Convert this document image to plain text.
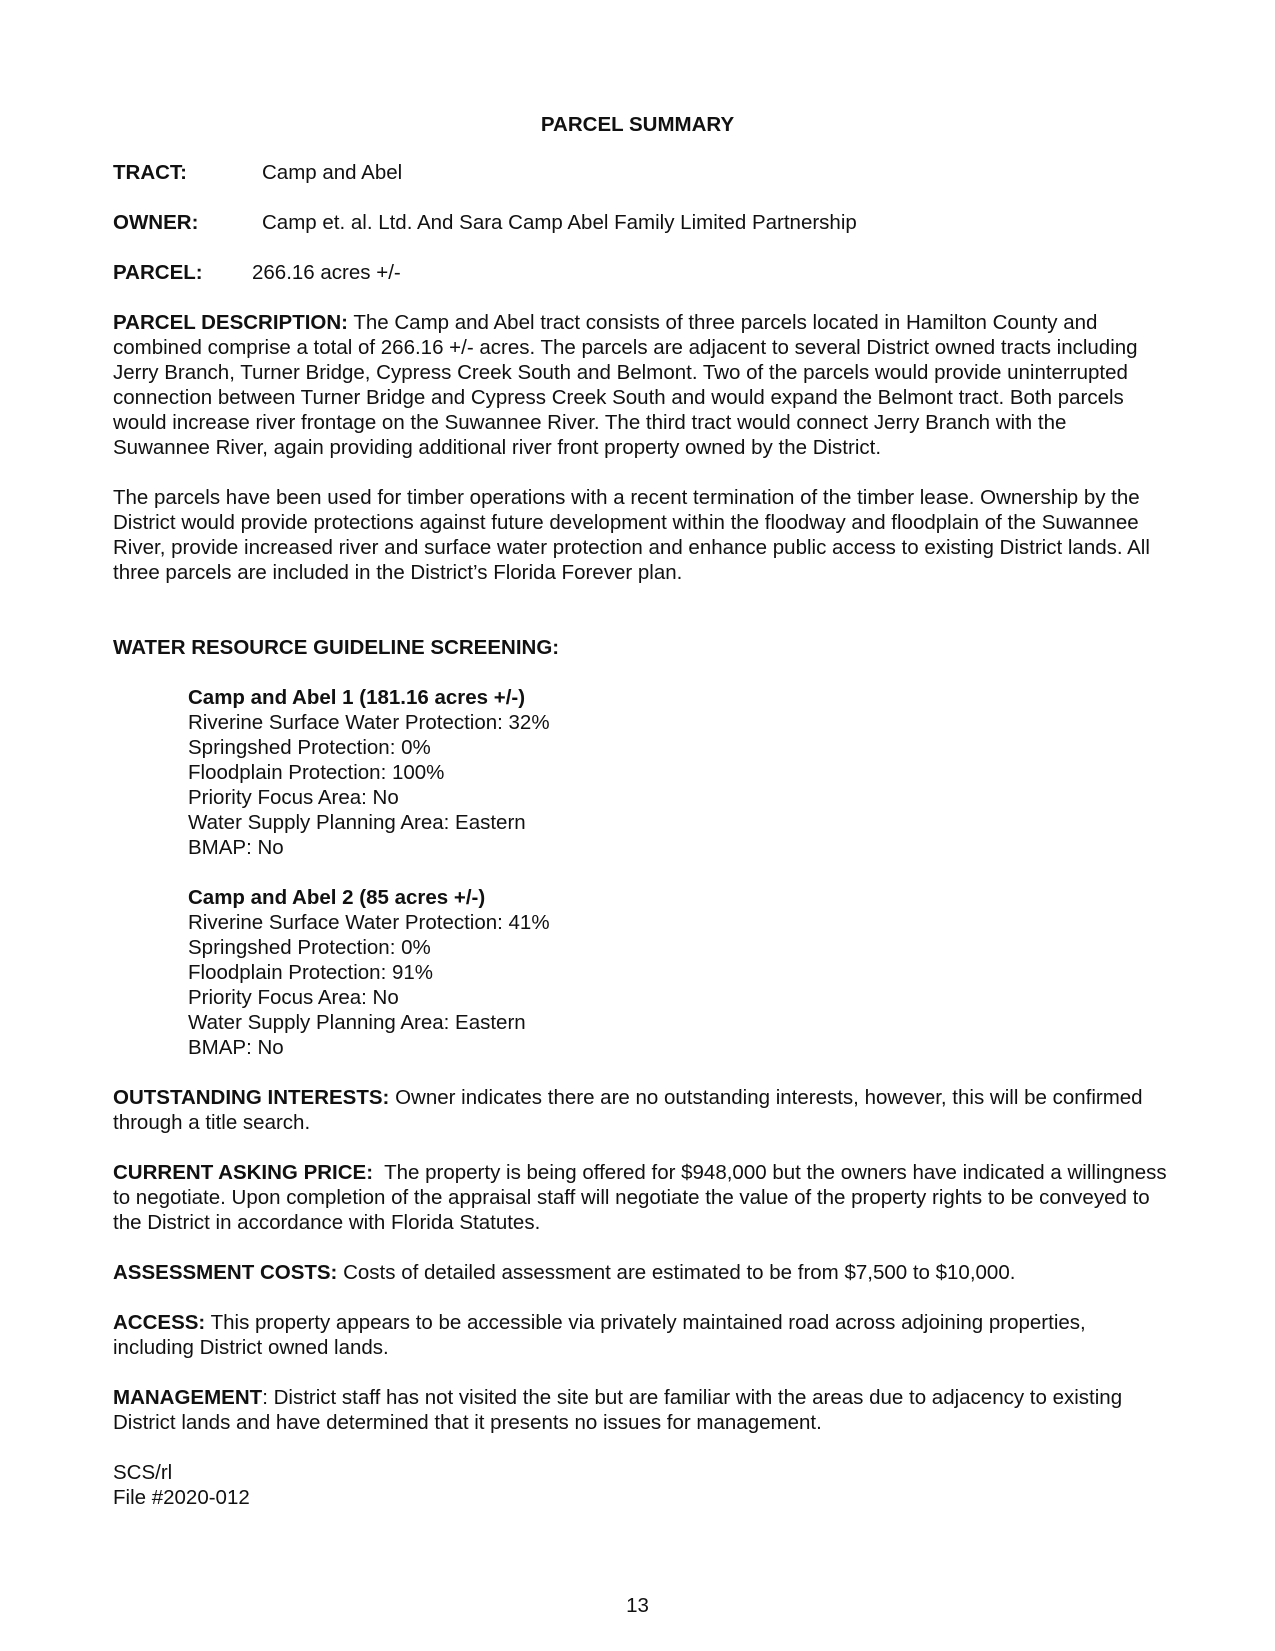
PARCEL SUMMARY
TRACT:	Camp and Abel
OWNER:	Camp et. al. Ltd. And Sara Camp Abel Family Limited Partnership
PARCEL: 266.16 acres +/-

PARCEL DESCRIPTION: The Camp and Abel tract consists of three parcels located in Hamilton County and combined comprise a total of 266.16 +/- acres. The parcels are adjacent to several District owned tracts including Jerry Branch, Turner Bridge, Cypress Creek South and Belmont. Two of the parcels would provide uninterrupted connection between Turner Bridge and Cypress Creek South and would expand the Belmont tract. Both parcels would increase river frontage on the Suwannee River. The third tract would connect Jerry Branch with the Suwannee River, again providing additional river front property owned by the District.

The parcels have been used for timber operations with a recent termination of the timber lease. Ownership by the District would provide protections against future development within the floodway and floodplain of the Suwannee River, provide increased river and surface water protection and enhance public access to existing District lands. All three parcels are included in the District’s Florida Forever plan.

WATER RESOURCE GUIDELINE SCREENING:
Camp and Abel 1 (181.16 acres +/-)
Riverine Surface Water Protection: 32%
Springshed Protection: 0%
Floodplain Protection: 100%
Priority Focus Area: No
Water Supply Planning Area: Eastern
BMAP: No
Camp and Abel 2 (85 acres +/-)
Riverine Surface Water Protection: 41%
Springshed Protection: 0%
Floodplain Protection: 91%
Priority Focus Area: No
Water Supply Planning Area: Eastern
BMAP: No

OUTSTANDING INTERESTS: Owner indicates there are no outstanding interests, however, this will be confirmed through a title search.

CURRENT ASKING PRICE: The property is being offered for $948,000 but the owners have indicated a willingness to negotiate. Upon completion of the appraisal staff will negotiate the value of the property rights to be conveyed to the District in accordance with Florida Statutes.

ASSESSMENT COSTS: Costs of detailed assessment are estimated to be from $7,500 to $10,000.

ACCESS: This property appears to be accessible via privately maintained road across adjoining properties, including District owned lands.

MANAGEMENT: District staff has not visited the site but are familiar with the areas due to adjacency to existing District lands and have determined that it presents no issues for management.

SCS/rl
File #2020-012
13
